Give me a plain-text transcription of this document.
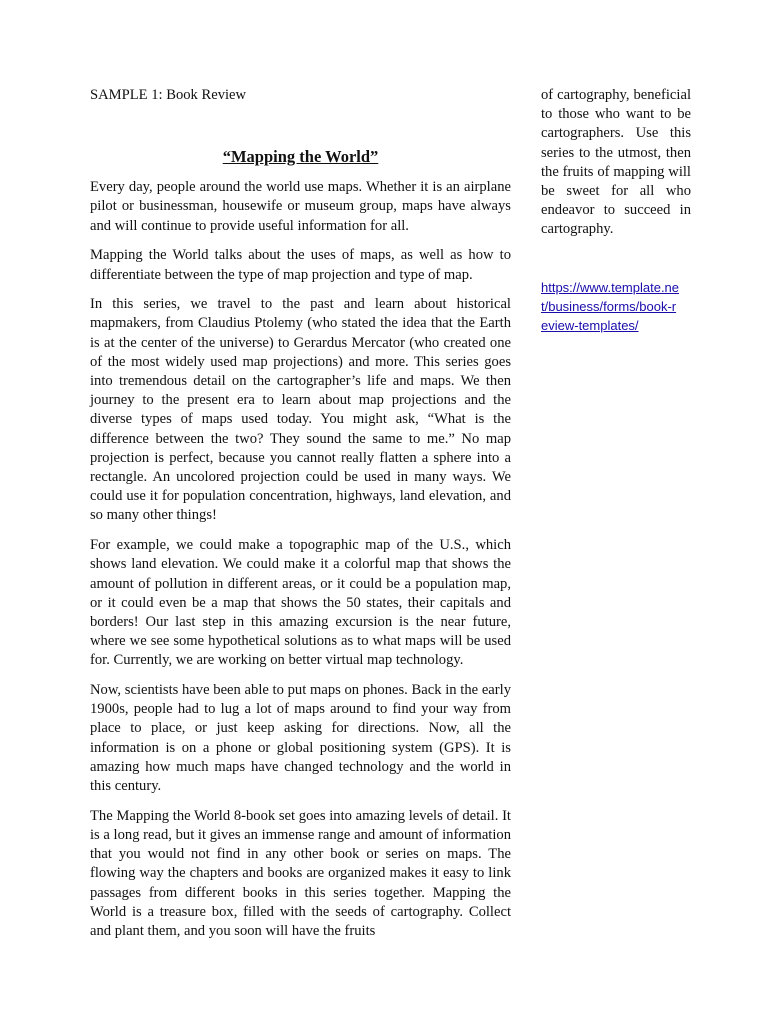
SAMPLE 1: Book Review

“Mapping the World”

Every day, people around the world use maps. Whether it is an airplane pilot or businessman, housewife or museum group, maps have always and will continue to provide useful information for all.

Mapping the World talks about the uses of maps, as well as how to differentiate between the type of map projection and type of map.

In this series, we travel to the past and learn about historical mapmakers, from Claudius Ptolemy (who stated the idea that the Earth is at the center of the universe) to Gerardus Mercator (who created one of the most widely used map projections) and more. This series goes into tremendous detail on the cartographer’s life and maps. We then journey to the present era to learn about map projections and the diverse types of maps used today. You might ask, “What is the difference between the two? They sound the same to me.” No map projection is perfect, because you cannot really flatten a sphere into a rectangle. An uncolored projection could be used in many ways. We could use it for population concentration, highways, land elevation, and so many other things!

For example, we could make a topographic map of the U.S., which shows land elevation. We could make it a colorful map that shows the amount of pollution in different areas, or it could be a population map, or it could even be a map that shows the 50 states, their capitals and borders! Our last step in this amazing excursion is the near future, where we see some hypothetical solutions as to what maps will be used for. Currently, we are working on better virtual map technology.

Now, scientists have been able to put maps on phones. Back in the early 1900s, people had to lug a lot of maps around to find your way from place to place, or just keep asking for directions. Now, all the information is on a phone or global positioning system (GPS). It is amazing how much maps have changed technology and the world in this century.

The Mapping the World 8-book set goes into amazing levels of detail. It is a long read, but it gives an immense range and amount of information that you would not find in any other book or series on maps. The flowing way the chapters and books are organized makes it easy to link passages from different books in this series together. Mapping the World is a treasure box, filled with the seeds of cartography. Collect and plant them, and you soon will have the fruits

of cartography, beneficial to those who want to be cartographers. Use this series to the utmost, then the fruits of mapping will be sweet for all who endeavor to succeed in cartography.

https://www.template.net/business/forms/book-review-templates/
